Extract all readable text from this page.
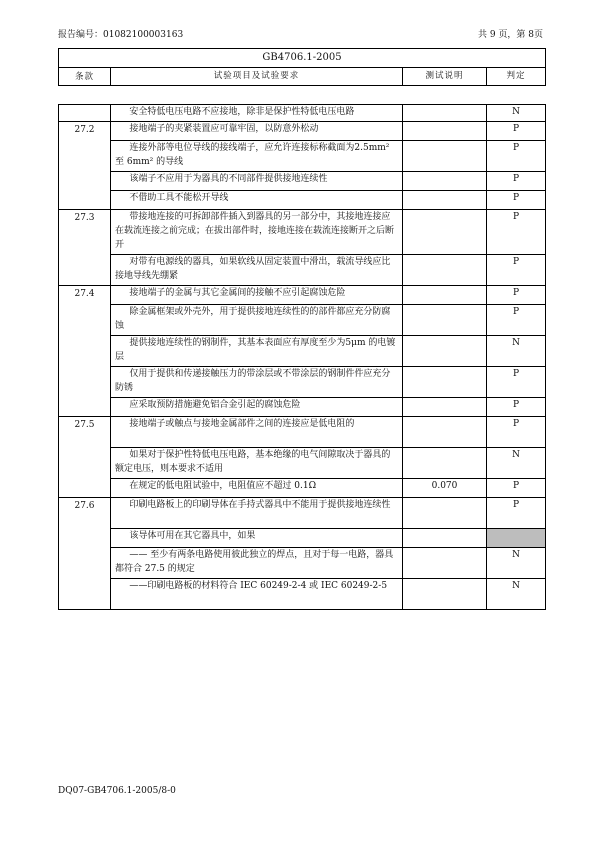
报告编号：01082100003163	共 9 页，第 8页
GB4706.1-2005
条款	试验项目及试验要求	测试说明	判定
	安全特低电压电路不应接地，除非是保护性特低电压电路		N
27.2	接地端子的夹紧装置应可靠牢固，以防意外松动		P
	连接外部等电位导线的接线端子，应允许连接标称截面为2.5mm² 至 6mm² 的导线		P
	该端子不应用于为器具的不同部件提供接地连续性		P
	不借助工具不能松开导线		P
27.3	带接地连接的可拆卸部件插入到器具的另一部分中，其接地连接应在载流连接之前完成；在拔出部件时，接地连接在载流连接断开之后断开		P
	对带有电源线的器具，如果软线从固定装置中滑出，载流导线应比接地导线先绷紧		P
27.4	接地端子的金属与其它金属间的接触不应引起腐蚀危险		P
	除金属框架或外壳外，用于提供接地连续性的的部件都应充分防腐蚀		P
	提供接地连续性的钢制件，其基本表面应有厚度至少为5μm 的电镀层		N
	仅用于提供和传递接触压力的带涂层或不带涂层的钢制件件应充分防锈		P
	应采取预防措施避免铝合金引起的腐蚀危险		P
27.5	接地端子或触点与接地金属部件之间的连接应是低电阻的		P
	如果对于保护性特低电压电路，基本绝缘的电气间隙取决于器具的额定电压，则本要求不适用		N
	在规定的低电阻试验中，电阻值应不超过 0.1Ω	0.070	P
27.6	印刷电路板上的印刷导体在手持式器具中不能用于提供接地连续性		P
	该导体可用在其它器具中，如果		
	—— 至少有两条电路使用彼此独立的焊点，且对于每一电路，器具都符合 27.5 的规定		N
	——印刷电路板的材料符合 IEC 60249-2-4 或 IEC 60249-2-5		N
DQ07-GB4706.1-2005/8-0
